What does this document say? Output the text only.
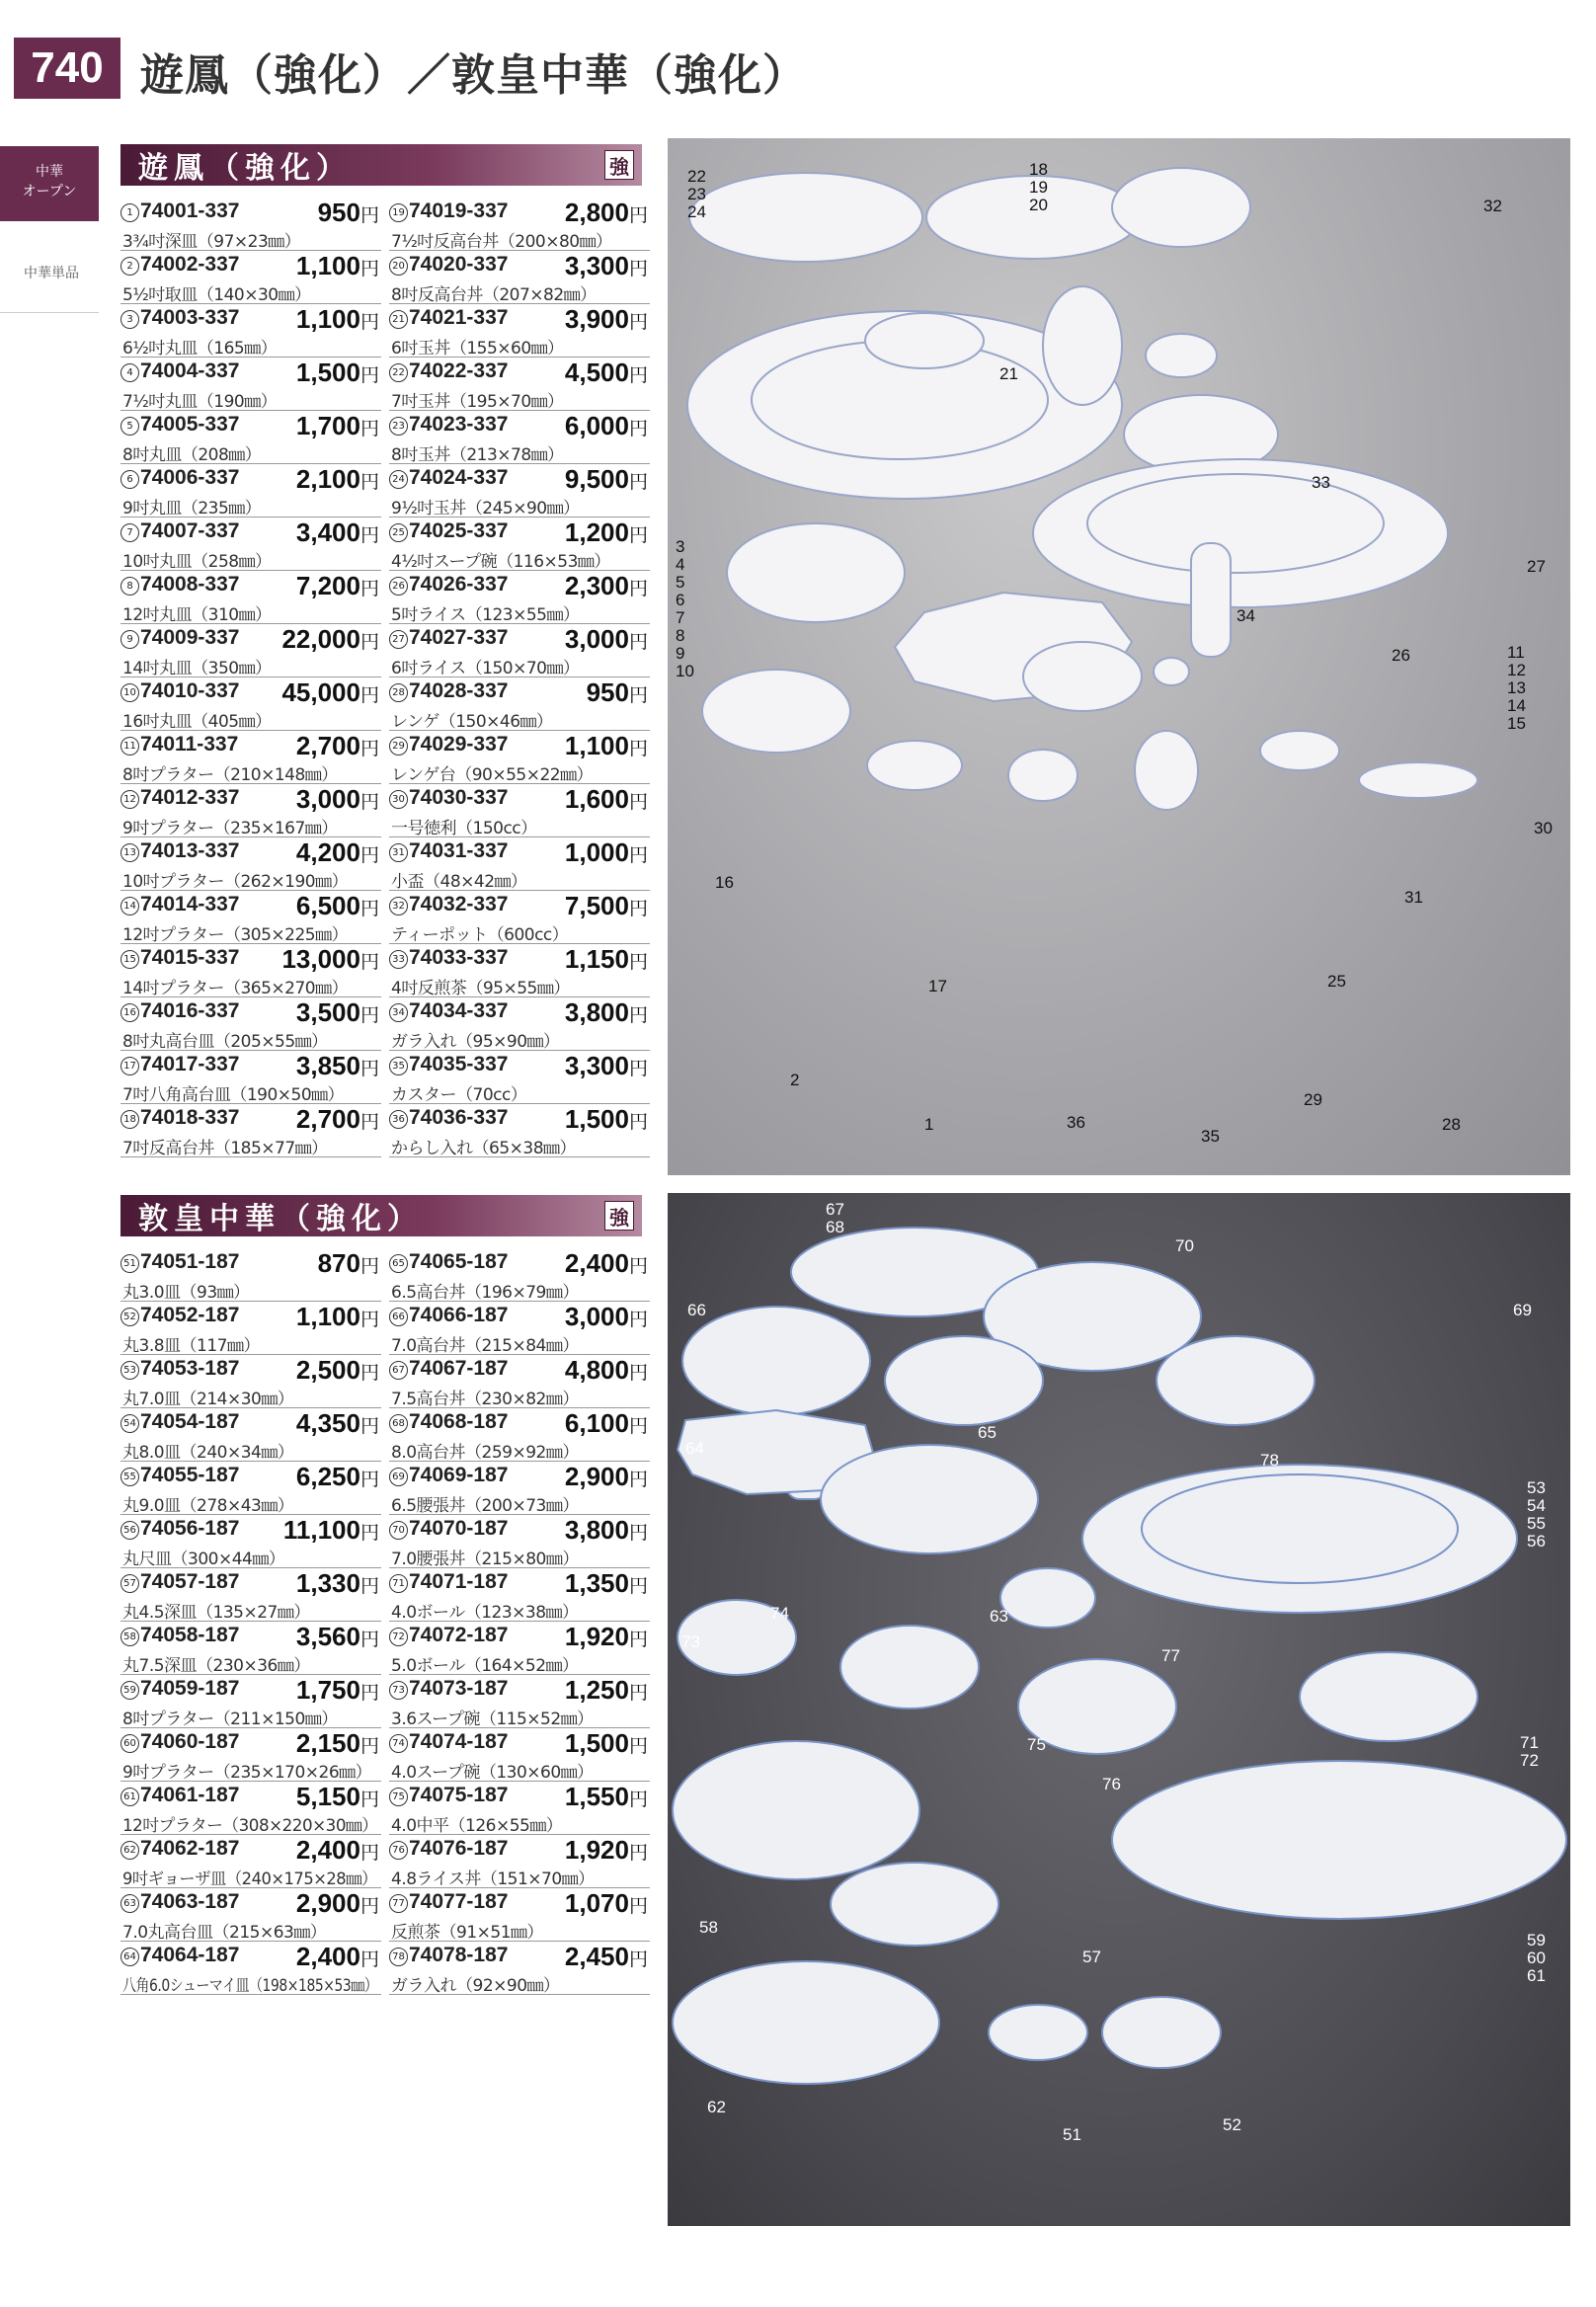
740 遊鳳（強化）／敦皇中華（強化）
中華
オープン
中華単品
遊鳳（強化）	強
敦皇中華（強化）	強
1 74001-337	950円
3¾吋深皿（97×23㎜）
2 74002-337 1,100円
5½吋取皿（140×30㎜）
3 74003-337 1,100円
6½吋丸皿（165㎜）
4 74004-337 1,500円
7½吋丸皿（190㎜）
5 74005-337 1,700円
8吋丸皿（208㎜）
6 74006-337 2,100円
9吋丸皿（235㎜）
7 74007-337 3,400円
10吋丸皿（258㎜）
8 74008-337 7,200円
12吋丸皿（310㎜）
9 74009-337 22,000円
14吋丸皿（350㎜）
10 74010-337 45,000円
16吋丸皿（405㎜）
11 74011-337 2,700円
8吋プラター（210×148㎜）
12 74012-337 3,000円
9吋プラター（235×167㎜）
13 74013-337 4,200円
10吋プラター（262×190㎜）
14 74014-337 6,500円
12吋プラター（305×225㎜）
15 74015-337 13,000円
14吋プラター（365×270㎜）
16 74016-337 3,500円
8吋丸高台皿（205×55㎜）
17 74017-337 3,850円
7吋八角高台皿（190×50㎜）
18 74018-337 2,700円
7吋反高台丼（185×77㎜）
19 74019-337 2,800円
7½吋反高台丼（200×80㎜）
20 74020-337 3,300円
8吋反高台丼（207×82㎜）
21 74021-337 3,900円
6吋玉丼（155×60㎜）
22 74022-337 4,500円
7吋玉丼（195×70㎜）
23 74023-337 6,000円
8吋玉丼（213×78㎜）
24 74024-337 9,500円
9½吋玉丼（245×90㎜）
25 74025-337 1,200円
4½吋スープ碗（116×53㎜）
26 74026-337 2,300円
5吋ライス（123×55㎜）
27 74027-337 3,000円
6吋ライス（150×70㎜）
28 74028-337	950円
レンゲ（150×46㎜）
29 74029-337 1,100円
レンゲ台（90×55×22㎜）
30 74030-337 1,600円
一号徳利（150cc）
31 74031-337 1,000円
小盃（48×42㎜）
32 74032-337 7,500円
ティーポット（600cc）
33 74033-337 1,150円
4吋反煎茶（95×55㎜）
34 74034-337 3,800円
ガラ入れ（95×90㎜）
35 74035-337 3,300円
カスター（70cc）
36 74036-337 1,500円
からし入れ（65×38㎜）
51 74051-187	870円
丸3.0皿（93㎜）
52 74052-187 1,100円
丸3.8皿（117㎜）
53 74053-187 2,500円
丸7.0皿（214×30㎜）
54 74054-187 4,350円
丸8.0皿（240×34㎜）
55 74055-187 6,250円
丸9.0皿（278×43㎜）
56 74056-187 11,100円
丸尺皿（300×44㎜）
57 74057-187 1,330円
丸4.5深皿（135×27㎜）
58 74058-187 3,560円
丸7.5深皿（230×36㎜）
59 74059-187 1,750円
8吋プラター（211×150㎜）
60 74060-187 2,150円
9吋プラター（235×170×26㎜）
61 74061-187 5,150円
12吋プラター（308×220×30㎜）
62 74062-187 2,400円
9吋ギョーザ皿（240×175×28㎜）
63 74063-187 2,900円
7.0丸高台皿（215×63㎜）
64 74064-187 2,400円
八角6.0シューマイ皿（198×185×53㎜）
65 74065-187 2,400円
6.5高台丼（196×79㎜）
66 74066-187 3,000円
7.0高台丼（215×84㎜）
67 74067-187 4,800円
7.5高台丼（230×82㎜）
68 74068-187 6,100円
8.0高台丼（259×92㎜）
69 74069-187 2,900円
6.5腰張丼（200×73㎜）
70 74070-187 3,800円
7.0腰張丼（215×80㎜）
71 74071-187 1,350円
4.0ボール（123×38㎜）
72 74072-187 1,920円
5.0ボール（164×52㎜）
73 74073-187 1,250円
3.6スープ碗（115×52㎜）
74 74074-187 1,500円
4.0スープ碗（130×60㎜）
75 74075-187 1,550円
4.0中平（126×55㎜）
76 74076-187 1,920円
4.8ライス丼（151×70㎜）
77 74077-187 1,070円
反煎茶（91×51㎜）
78 74078-187 2,450円
ガラ入れ（92×90㎜）
22
23
24
18
19
20	32
21
33
27
34
26
3
4
5
6
7
8
9
10
11
12
13
14
15
30
16
31
17	25
2
1	36
35
29
28
67
68
70
66	69
64
65
78
53
54
55
56
74	63
73
77
75
76
71
72
58
57
59
60
61
62
51
52
